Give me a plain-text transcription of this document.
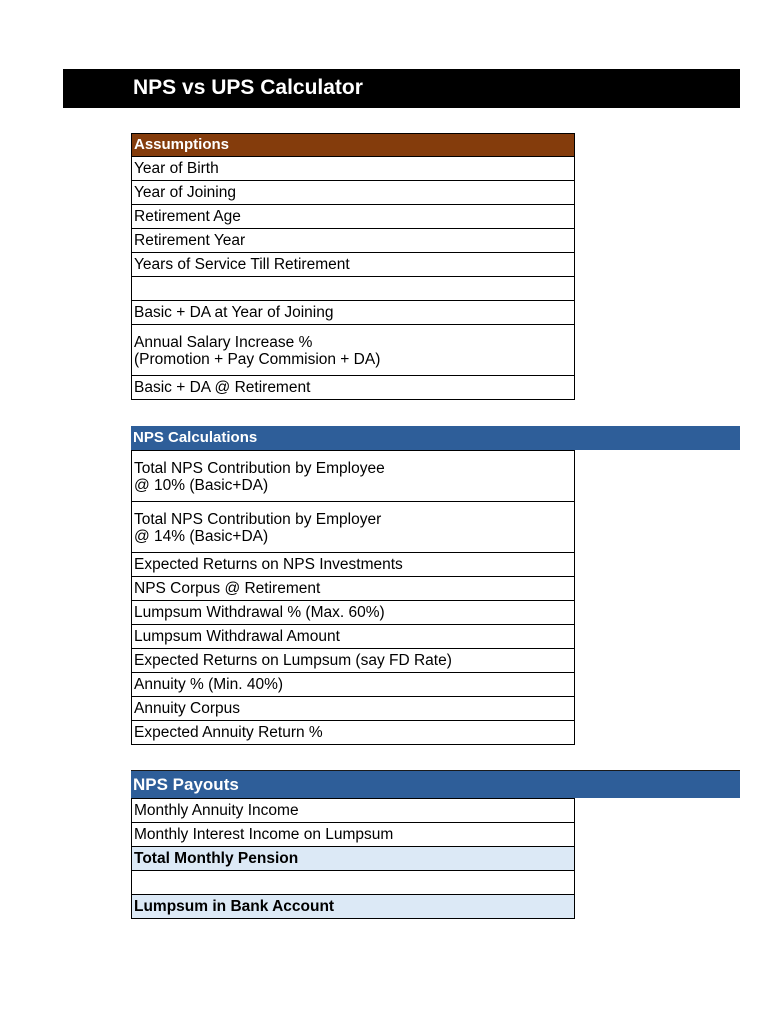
NPS vs UPS Calculator
Assumptions
Year of Birth
Year of Joining
Retirement Age
Retirement Year
Years of Service Till Retirement
Basic + DA at Year of Joining
Annual Salary Increase %
(Promotion + Pay Commision + DA)
Basic + DA @ Retirement
NPS Calculations
Total NPS Contribution by Employee
@ 10% (Basic+DA)
Total NPS Contribution by Employer
@ 14% (Basic+DA)
Expected Returns on NPS Investments
NPS Corpus @ Retirement
Lumpsum Withdrawal % (Max. 60%)
Lumpsum Withdrawal Amount
Expected Returns on Lumpsum (say FD Rate)
Annuity % (Min. 40%)
Annuity Corpus
Expected Annuity Return %
NPS Payouts
Monthly Annuity Income
Monthly Interest Income on Lumpsum
Total Monthly Pension
Lumpsum in Bank Account
